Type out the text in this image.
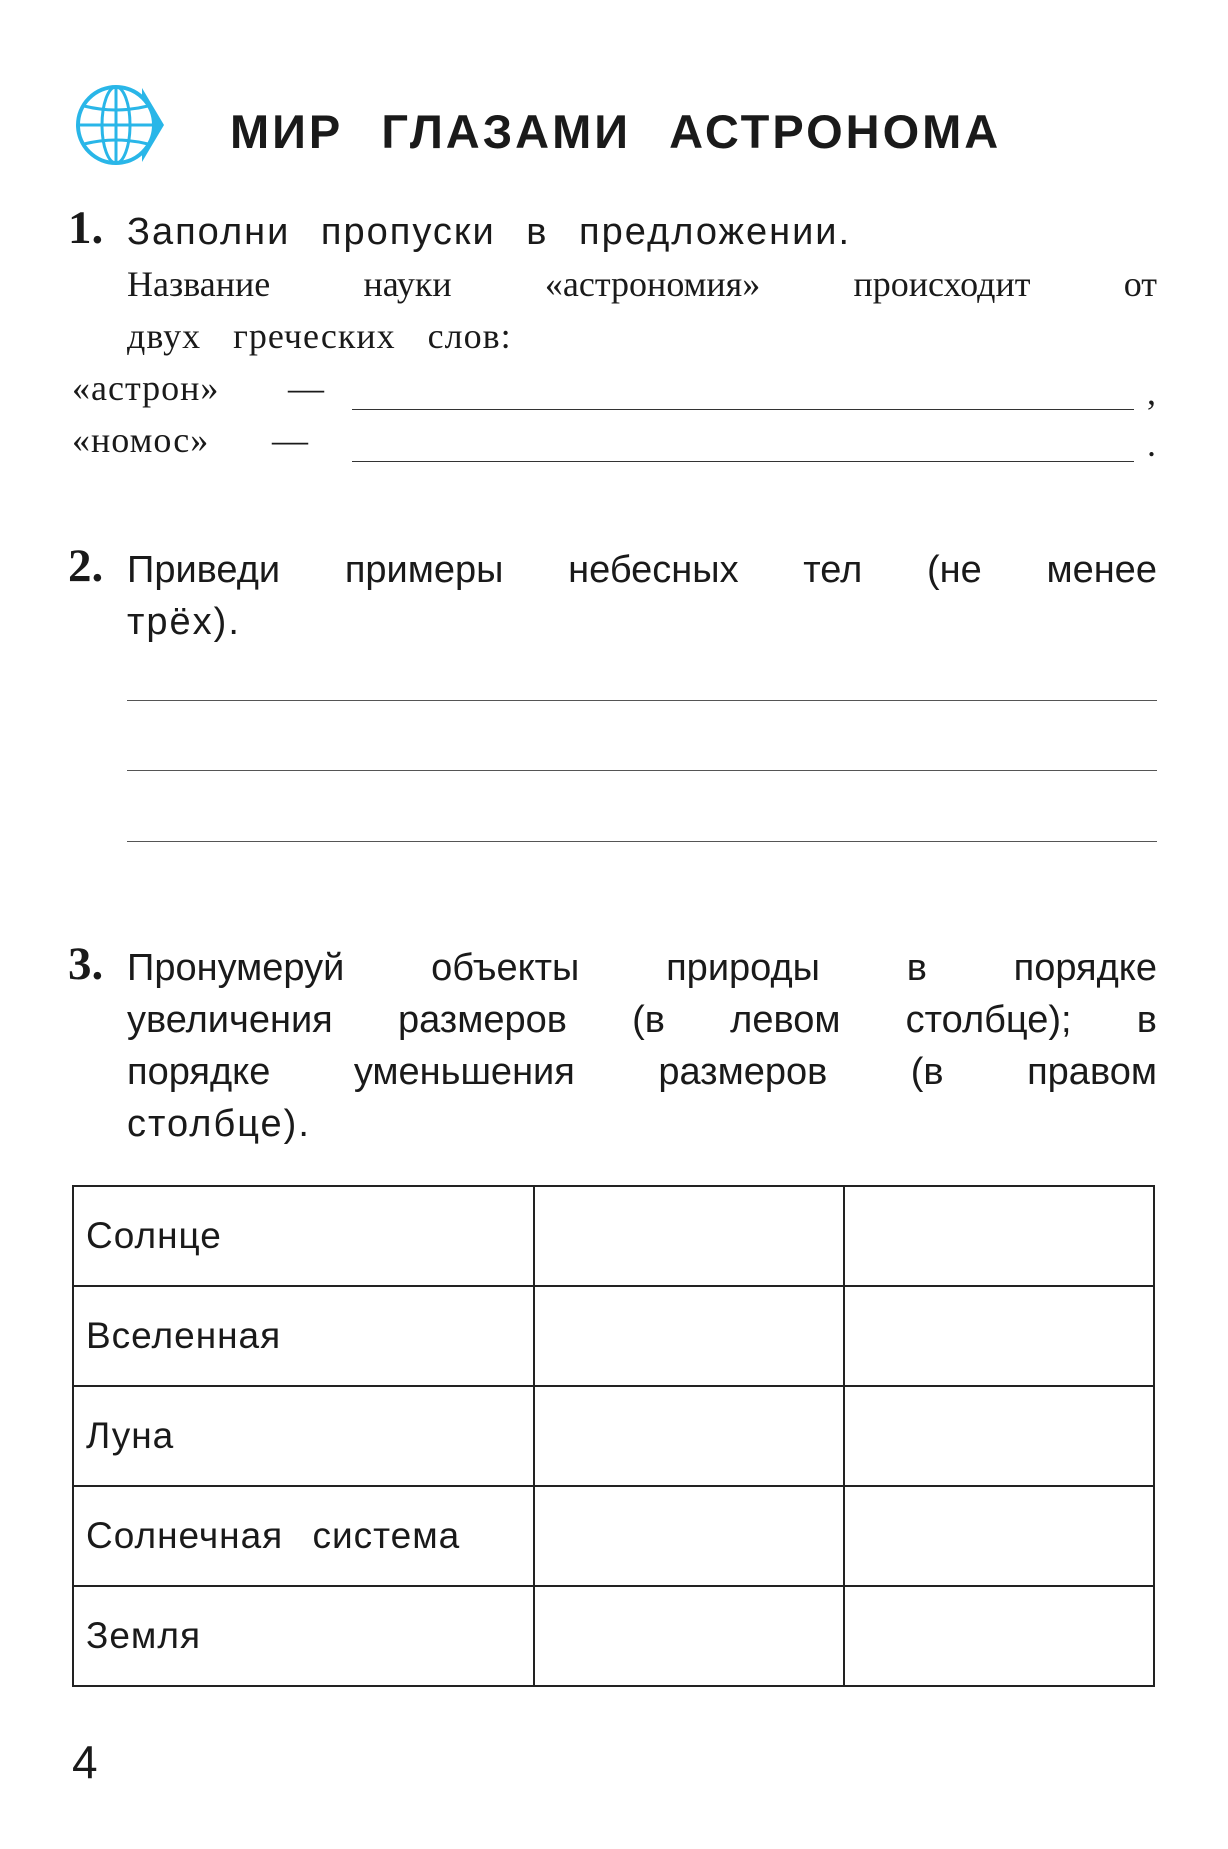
МИР ГЛАЗАМИ АСТРОНОМА
1. Заполни пропуски в предложении.
Название	науки	«астрономия»	происходит	от
двух греческих слов:
«астрон» —	,
«номос» —	.
2. Приведи примеры небесных тел (не менее
трёх).
3. Пронумеруй объекты природы в порядке
увеличения размеров (в левом столбце); в
порядке уменьшения размеров (в правом
столбце).
Солнце		
Вселенная		
Луна		
Солнечная система		
Земля		
4
